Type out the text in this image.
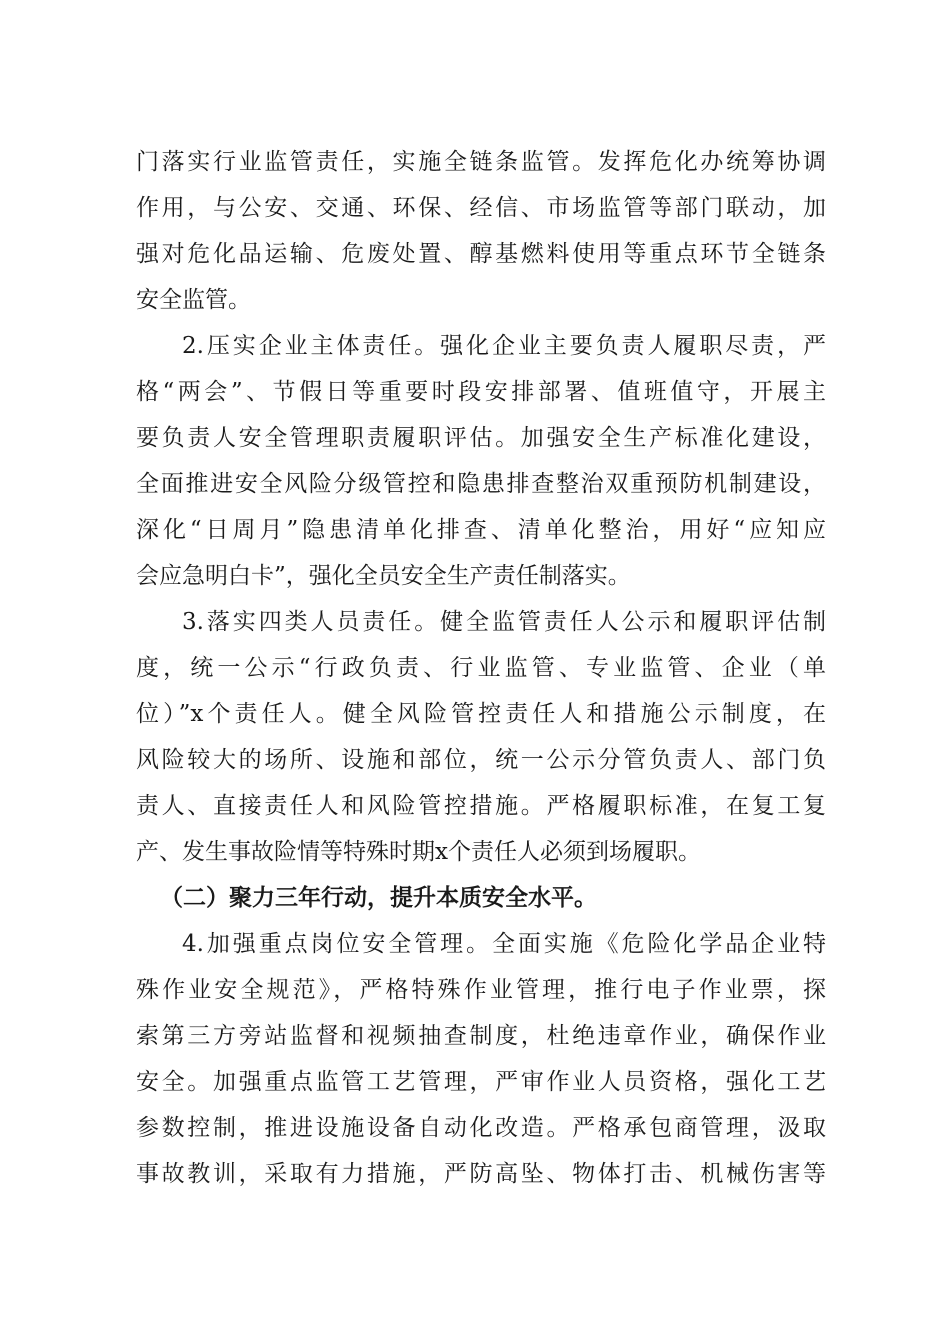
门落实行业监管责任，实施全链条监管。发挥危化办统筹协调
作用，与公安、交通、环保、经信、市场监管等部门联动，加
强对危化品运输、危废处置、醇基燃料使用等重点环节全链条
安全监管。
2.压实企业主体责任。强化企业主要负责人履职尽责，严
格“两会”、节假日等重要时段安排部署、值班值守，开展主
要负责人安全管理职责履职评估。加强安全生产标准化建设，
全面推进安全风险分级管控和隐患排查整治双重预防机制建设，
深化“日周月”隐患清单化排查、清单化整治，用好“应知应
会应急明白卡”，强化全员安全生产责任制落实。
3.落实四类人员责任。健全监管责任人公示和履职评估制
度，统一公示“行政负责、行业监管、专业监管、企业（单
位）”x个责任人。健全风险管控责任人和措施公示制度，在
风险较大的场所、设施和部位，统一公示分管负责人、部门负
责人、直接责任人和风险管控措施。严格履职标准，在复工复
产、发生事故险情等特殊时期x个责任人必须到场履职。
（二）聚力三年行动，提升本质安全水平。
4.加强重点岗位安全管理。全面实施《危险化学品企业特
殊作业安全规范》，严格特殊作业管理，推行电子作业票，探
索第三方旁站监督和视频抽查制度，杜绝违章作业，确保作业
安全。加强重点监管工艺管理，严审作业人员资格，强化工艺
参数控制，推进设施设备自动化改造。严格承包商管理，汲取
事故教训，采取有力措施，严防高坠、物体打击、机械伤害等
